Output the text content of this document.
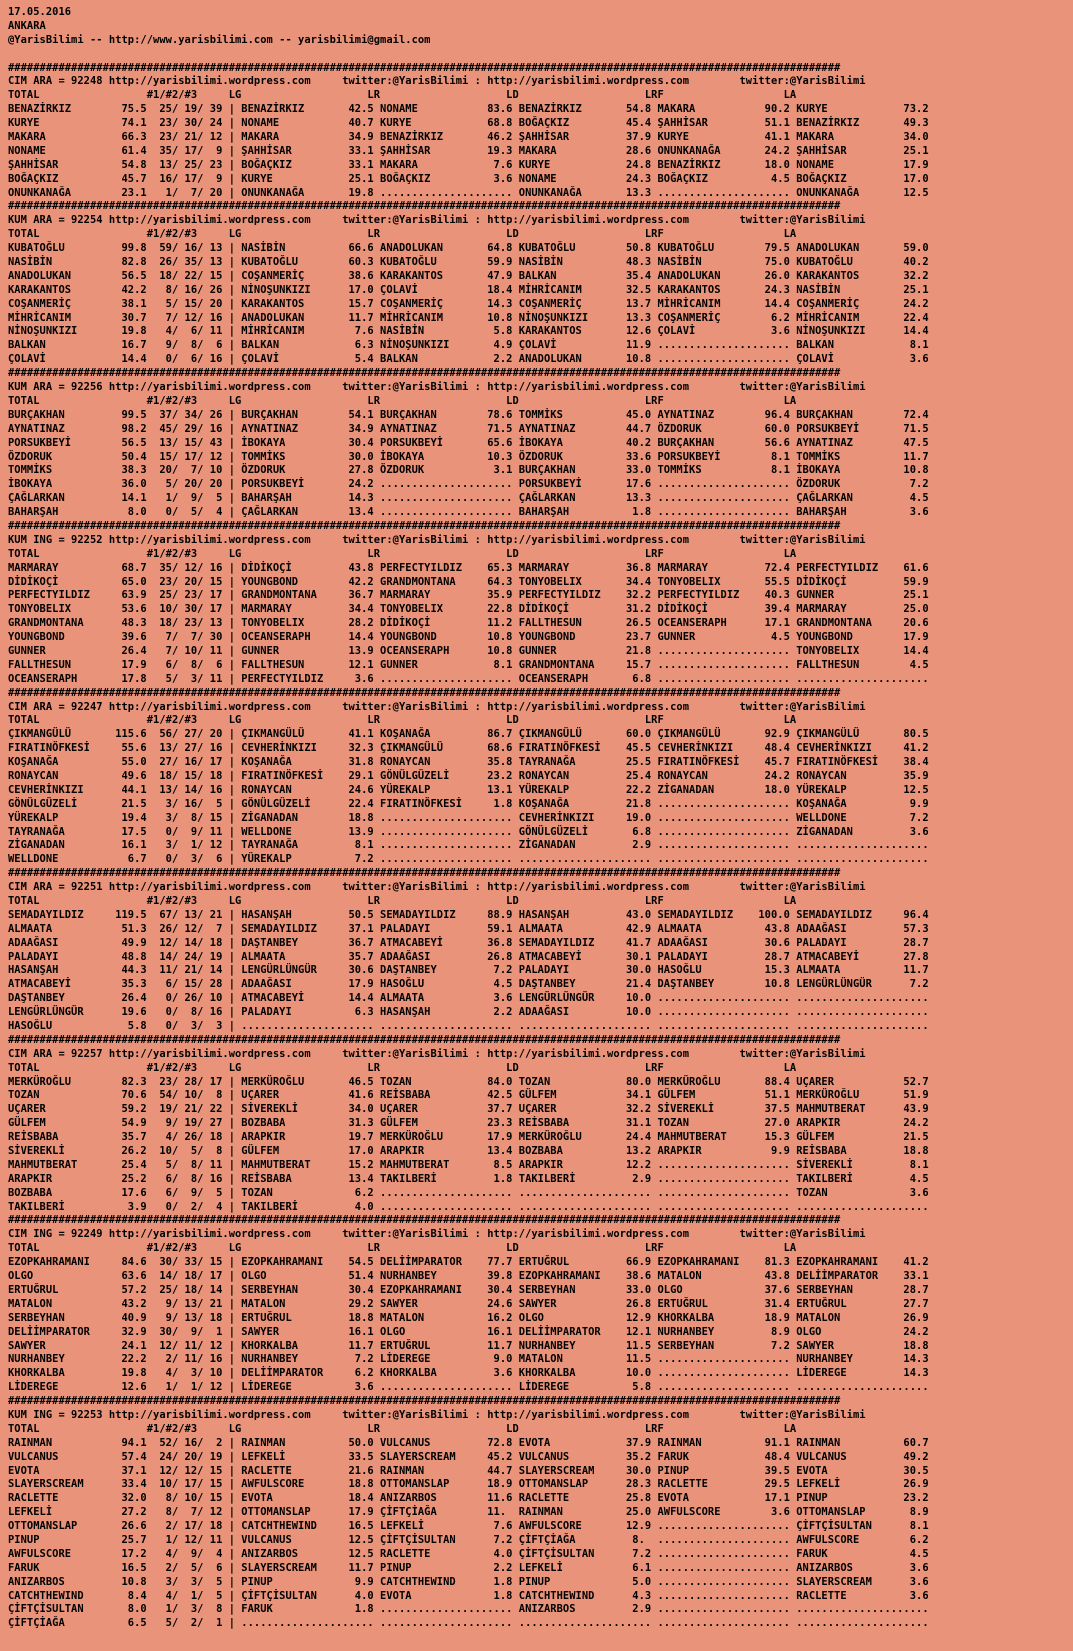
17.05.2016
ANKARA
@YarisBilimi -- http://www.yarisbilimi.com -- yarisbilimi@gmail.com
####################################################################################################################################
CIM ARA = 92248 http://yarisbilimi.wordpress.com     twitter:@YarisBilimi : http://yarisbilimi.wordpress.com        twitter:@YarisBilimi
TOTAL                 #1/#2/#3     LG                    LR                    LD                    LRF                   LA
BENAZİRKIZ        75.5  25/ 19/ 39 | BENAZİRKIZ       42.5 NONAME           83.6 BENAZİRKIZ       54.8 MAKARA           90.2 KURYE            73.2
KURYE             74.1  23/ 30/ 24 | NONAME           40.7 KURYE            68.8 BOĞAÇKIZ         45.4 ŞAHHİSAR         51.1 BENAZİRKIZ       49.3
MAKARA            66.3  23/ 21/ 12 | MAKARA           34.9 BENAZİRKIZ       46.2 ŞAHHİSAR         37.9 KURYE            41.1 MAKARA           34.0
NONAME            61.4  35/ 17/  9 | ŞAHHİSAR         33.1 ŞAHHİSAR         19.3 MAKARA           28.6 ONUNKANAĞA       24.2 ŞAHHİSAR         25.1
ŞAHHİSAR          54.8  13/ 25/ 23 | BOĞAÇKIZ         33.1 MAKARA            7.6 KURYE            24.8 BENAZİRKIZ       18.0 NONAME           17.9
BOĞAÇKIZ          45.7  16/ 17/  9 | KURYE            25.1 BOĞAÇKIZ          3.6 NONAME           24.3 BOĞAÇKIZ          4.5 BOĞAÇKIZ         17.0
ONUNKANAĞA        23.1   1/  7/ 20 | ONUNKANAĞA       19.8 ..................... ONUNKANAĞA       13.3 ..................... ONUNKANAĞA       12.5
####################################################################################################################################
KUM ARA = 92254 http://yarisbilimi.wordpress.com     twitter:@YarisBilimi : http://yarisbilimi.wordpress.com        twitter:@YarisBilimi
TOTAL                 #1/#2/#3     LG                    LR                    LD                    LRF                   LA
KUBATOĞLU         99.8  59/ 16/ 13 | NASİBİN          66.6 ANADOLUKAN       64.8 KUBATOĞLU        50.8 KUBATOĞLU        79.5 ANADOLUKAN       59.0
NASİBİN           82.8  26/ 35/ 13 | KUBATOĞLU        60.3 KUBATOĞLU        59.9 NASİBİN          48.3 NASİBİN          75.0 KUBATOĞLU        40.2
ANADOLUKAN        56.5  18/ 22/ 15 | COŞANMERİÇ       38.6 KARAKANTOS       47.9 BALKAN           35.4 ANADOLUKAN       26.0 KARAKANTOS       32.2
KARAKANTOS        42.2   8/ 16/ 26 | NİNOŞUNKIZI      17.0 ÇOLAVİ           18.4 MİHRİCANIM       32.5 KARAKANTOS       24.3 NASİBİN          25.1
COŞANMERİÇ        38.1   5/ 15/ 20 | KARAKANTOS       15.7 COŞANMERİÇ       14.3 COŞANMERİÇ       13.7 MİHRİCANIM       14.4 COŞANMERİÇ       24.2
MİHRİCANIM        30.7   7/ 12/ 16 | ANADOLUKAN       11.7 MİHRİCANIM       10.8 NİNOŞUNKIZI      13.3 COŞANMERİÇ        6.2 MİHRİCANIM       22.4
NİNOŞUNKIZI       19.8   4/  6/ 11 | MİHRİCANIM        7.6 NASİBİN           5.8 KARAKANTOS       12.6 ÇOLAVİ            3.6 NİNOŞUNKIZI      14.4
BALKAN            16.7   9/  8/  6 | BALKAN            6.3 NİNOŞUNKIZI       4.9 ÇOLAVİ           11.9 ..................... BALKAN            8.1
ÇOLAVİ            14.4   0/  6/ 16 | ÇOLAVİ            5.4 BALKAN            2.2 ANADOLUKAN       10.8 ..................... ÇOLAVİ            3.6
####################################################################################################################################
KUM ARA = 92256 http://yarisbilimi.wordpress.com     twitter:@YarisBilimi : http://yarisbilimi.wordpress.com        twitter:@YarisBilimi
TOTAL                 #1/#2/#3     LG                    LR                    LD                    LRF                   LA
BURÇAKHAN         99.5  37/ 34/ 26 | BURÇAKHAN        54.1 BURÇAKHAN        78.6 TOMMİKS          45.0 AYNATINAZ        96.4 BURÇAKHAN        72.4
AYNATINAZ         98.2  45/ 29/ 16 | AYNATINAZ        34.9 AYNATINAZ        71.5 AYNATINAZ        44.7 ÖZDORUK          60.0 PORSUKBEYİ       71.5
PORSUKBEYİ        56.5  13/ 15/ 43 | İBOKAYA          30.4 PORSUKBEYİ       65.6 İBOKAYA          40.2 BURÇAKHAN        56.6 AYNATINAZ        47.5
ÖZDORUK           50.4  15/ 17/ 12 | TOMMİKS          30.0 İBOKAYA          10.3 ÖZDORUK          33.6 PORSUKBEYİ        8.1 TOMMİKS          11.7
TOMMİKS           38.3  20/  7/ 10 | ÖZDORUK          27.8 ÖZDORUK           3.1 BURÇAKHAN        33.0 TOMMİKS           8.1 İBOKAYA          10.8
İBOKAYA           36.0   5/ 20/ 20 | PORSUKBEYİ       24.2 ..................... PORSUKBEYİ       17.6 ..................... ÖZDORUK           7.2
ÇAĞLARKAN         14.1   1/  9/  5 | BAHARŞAH         14.3 ..................... ÇAĞLARKAN        13.3 ..................... ÇAĞLARKAN         4.5
BAHARŞAH           8.0   0/  5/  4 | ÇAĞLARKAN        13.4 ..................... BAHARŞAH          1.8 ..................... BAHARŞAH          3.6
####################################################################################################################################
KUM ING = 92252 http://yarisbilimi.wordpress.com     twitter:@YarisBilimi : http://yarisbilimi.wordpress.com        twitter:@YarisBilimi
TOTAL                 #1/#2/#3     LG                    LR                    LD                    LRF                   LA
MARMARAY          68.7  35/ 12/ 16 | DİDİKOÇİ         43.8 PERFECTYILDIZ    65.3 MARMARAY         36.8 MARMARAY         72.4 PERFECTYILDIZ    61.6
DİDİKOÇİ          65.0  23/ 20/ 15 | YOUNGBOND        42.2 GRANDMONTANA     64.3 TONYOBELIX       34.4 TONYOBELIX       55.5 DİDİKOÇİ         59.9
PERFECTYILDIZ     63.9  25/ 23/ 17 | GRANDMONTANA     36.7 MARMARAY         35.9 PERFECTYILDIZ    32.2 PERFECTYILDIZ    40.3 GUNNER           25.1
TONYOBELIX        53.6  10/ 30/ 17 | MARMARAY         34.4 TONYOBELIX       22.8 DİDİKOÇİ         31.2 DİDİKOÇİ         39.4 MARMARAY         25.0
GRANDMONTANA      48.3  18/ 23/ 13 | TONYOBELIX       28.2 DİDİKOÇİ         11.2 FALLTHESUN       26.5 OCEANSERAPH      17.1 GRANDMONTANA     20.6
YOUNGBOND         39.6   7/  7/ 30 | OCEANSERAPH      14.4 YOUNGBOND        10.8 YOUNGBOND        23.7 GUNNER            4.5 YOUNGBOND        17.9
GUNNER            26.4   7/ 10/ 11 | GUNNER           13.9 OCEANSERAPH      10.8 GUNNER           21.8 ..................... TONYOBELIX       14.4
FALLTHESUN        17.9   6/  8/  6 | FALLTHESUN       12.1 GUNNER            8.1 GRANDMONTANA     15.7 ..................... FALLTHESUN        4.5
OCEANSERAPH       17.8   5/  3/ 11 | PERFECTYILDIZ     3.6 ..................... OCEANSERAPH       6.8 ..................... .....................
####################################################################################################################################
CIM ARA = 92247 http://yarisbilimi.wordpress.com     twitter:@YarisBilimi : http://yarisbilimi.wordpress.com        twitter:@YarisBilimi
TOTAL                 #1/#2/#3     LG                    LR                    LD                    LRF                   LA
ÇIKMANGÜLÜ       115.6  56/ 27/ 20 | ÇIKMANGÜLÜ       41.1 KOŞANAĞA         86.7 ÇIKMANGÜLÜ       60.0 ÇIKMANGÜLÜ       92.9 ÇIKMANGÜLÜ       80.5
FIRATINÖFKESİ     55.6  13/ 27/ 16 | CEVHERİNKIZI     32.3 ÇIKMANGÜLÜ       68.6 FIRATINÖFKESİ    45.5 CEVHERİNKIZI     48.4 CEVHERİNKIZI     41.2
KOŞANAĞA          55.0  27/ 16/ 17 | KOŞANAĞA         31.8 RONAYCAN         35.8 TAYRANAĞA        25.5 FIRATINÖFKESİ    45.7 FIRATINÖFKESİ    38.4
RONAYCAN          49.6  18/ 15/ 18 | FIRATINÖFKESİ    29.1 GÖNÜLGÜZELİ      23.2 RONAYCAN         25.4 RONAYCAN         24.2 RONAYCAN         35.9
CEVHERİNKIZI      44.1  13/ 14/ 16 | RONAYCAN         24.6 YÜREKALP         13.1 YÜREKALP         22.2 ZİGANADAN        18.0 YÜREKALP         12.5
GÖNÜLGÜZELİ       21.5   3/ 16/  5 | GÖNÜLGÜZELİ      22.4 FIRATINÖFKESİ     1.8 KOŞANAĞA         21.8 ..................... KOŞANAĞA          9.9
YÜREKALP          19.4   3/  8/ 15 | ZİGANADAN        18.8 ..................... CEVHERİNKIZI     19.0 ..................... WELLDONE          7.2
TAYRANAĞA         17.5   0/  9/ 11 | WELLDONE         13.9 ..................... GÖNÜLGÜZELİ       6.8 ..................... ZİGANADAN         3.6
ZİGANADAN         16.1   3/  1/ 12 | TAYRANAĞA         8.1 ..................... ZİGANADAN         2.9 ..................... .....................
WELLDONE           6.7   0/  3/  6 | YÜREKALP          7.2 ..................... ..................... ..................... .....................
####################################################################################################################################
CIM ARA = 92251 http://yarisbilimi.wordpress.com     twitter:@YarisBilimi : http://yarisbilimi.wordpress.com        twitter:@YarisBilimi
TOTAL                 #1/#2/#3     LG                    LR                    LD                    LRF                   LA
SEMADAYILDIZ     119.5  67/ 13/ 21 | HASANŞAH         50.5 SEMADAYILDIZ     88.9 HASANŞAH         43.0 SEMADAYILDIZ    100.0 SEMADAYILDIZ     96.4
ALMAATA           51.3  26/ 12/  7 | SEMADAYILDIZ     37.1 PALADAYI         59.1 ALMAATA          42.9 ALMAATA          43.8 ADAAĞASI         57.3
ADAAĞASI          49.9  12/ 14/ 18 | DAŞTANBEY        36.7 ATMACABEYİ       36.8 SEMADAYILDIZ     41.7 ADAAĞASI         30.6 PALADAYI         28.7
PALADAYI          48.8  14/ 24/ 19 | ALMAATA          35.7 ADAAĞASI         26.8 ATMACABEYİ       30.1 PALADAYI         28.7 ATMACABEYİ       27.8
HASANŞAH          44.3  11/ 21/ 14 | LENGÜRLÜNGÜR     30.6 DAŞTANBEY         7.2 PALADAYI         30.0 HASOĞLU          15.3 ALMAATA          11.7
ATMACABEYİ        35.3   6/ 15/ 28 | ADAAĞASI         17.9 HASOĞLU           4.5 DAŞTANBEY        21.4 DAŞTANBEY        10.8 LENGÜRLÜNGÜR      7.2
DAŞTANBEY         26.4   0/ 26/ 10 | ATMACABEYİ       14.4 ALMAATA           3.6 LENGÜRLÜNGÜR     10.0 ..................... .....................
LENGÜRLÜNGÜR      19.6   0/  8/ 16 | PALADAYI          6.3 HASANŞAH          2.2 ADAAĞASI         10.0 ..................... .....................
HASOĞLU            5.8   0/  3/  3 | ..................... ..................... ..................... ..................... .....................
####################################################################################################################################
CIM ARA = 92257 http://yarisbilimi.wordpress.com     twitter:@YarisBilimi : http://yarisbilimi.wordpress.com        twitter:@YarisBilimi
TOTAL                 #1/#2/#3     LG                    LR                    LD                    LRF                   LA
MERKÜROĞLU        82.3  23/ 28/ 17 | MERKÜROĞLU       46.5 TOZAN            84.0 TOZAN            80.0 MERKÜROĞLU       88.4 UÇARER           52.7
TOZAN             70.6  54/ 10/  8 | UÇARER           41.6 REİSBABA         42.5 GÜLFEM           34.1 GÜLFEM           51.1 MERKÜROĞLU       51.9
UÇARER            59.2  19/ 21/ 22 | SİVEREKLİ        34.0 UÇARER           37.7 UÇARER           32.2 SİVEREKLİ        37.5 MAHMUTBERAT      43.9
GÜLFEM            54.9   9/ 19/ 27 | BOZBABA          31.3 GÜLFEM           23.3 REİSBABA         31.1 TOZAN            27.0 ARAPKIR          24.2
REİSBABA          35.7   4/ 26/ 18 | ARAPKIR          19.7 MERKÜROĞLU       17.9 MERKÜROĞLU       24.4 MAHMUTBERAT      15.3 GÜLFEM           21.5
SİVEREKLİ         26.2  10/  5/  8 | GÜLFEM           17.0 ARAPKIR          13.4 BOZBABA          13.2 ARAPKIR           9.9 REİSBABA         18.8
MAHMUTBERAT       25.4   5/  8/ 11 | MAHMUTBERAT      15.2 MAHMUTBERAT       8.5 ARAPKIR          12.2 ..................... SİVEREKLİ         8.1
ARAPKIR           25.2   6/  8/ 16 | REİSBABA         13.4 TAKILBERİ         1.8 TAKILBERİ         2.9 ..................... TAKILBERİ         4.5
BOZBABA           17.6   6/  9/  5 | TOZAN             6.2 ..................... ..................... ..................... TOZAN             3.6
TAKILBERİ          3.9   0/  2/  4 | TAKILBERİ         4.0 ..................... ..................... ..................... .....................
####################################################################################################################################
CIM ING = 92249 http://yarisbilimi.wordpress.com     twitter:@YarisBilimi : http://yarisbilimi.wordpress.com        twitter:@YarisBilimi
TOTAL                 #1/#2/#3     LG                    LR                    LD                    LRF                   LA
EZOPKAHRAMANI     84.6  30/ 33/ 15 | EZOPKAHRAMANI    54.5 DELİİMPARATOR    77.7 ERTUĞRUL         66.9 EZOPKAHRAMANI    81.3 EZOPKAHRAMANI    41.2
OLGO              63.6  14/ 18/ 17 | OLGO             51.4 NURHANBEY        39.8 EZOPKAHRAMANI    38.6 MATALON          43.8 DELİİMPARATOR    33.1
ERTUĞRUL          57.2  25/ 18/ 14 | SERBEYHAN        30.4 EZOPKAHRAMANI    30.4 SERBEYHAN        33.0 OLGO             37.6 SERBEYHAN        28.7
MATALON           43.2   9/ 13/ 21 | MATALON          29.2 SAWYER           24.6 SAWYER           26.8 ERTUĞRUL         31.4 ERTUĞRUL         27.7
SERBEYHAN         40.9   9/ 13/ 18 | ERTUĞRUL         18.8 MATALON          16.2 OLGO             12.9 KHORKALBA        18.9 MATALON          26.9
DELİİMPARATOR     32.9  30/  9/  1 | SAWYER           16.1 OLGO             16.1 DELİİMPARATOR    12.1 NURHANBEY         8.9 OLGO             24.2
SAWYER            24.1  12/ 11/ 12 | KHORKALBA        11.7 ERTUĞRUL         11.7 NURHANBEY        11.5 SERBEYHAN         7.2 SAWYER           18.8
NURHANBEY         22.2   2/ 11/ 16 | NURHANBEY         7.2 LİDEREGE          9.0 MATALON          11.5 ..................... NURHANBEY        14.3
KHORKALBA         19.8   4/  3/ 10 | DELİİMPARATOR     6.2 KHORKALBA         3.6 KHORKALBA        10.0 ..................... LİDEREGE         14.3
LİDEREGE          12.6   1/  1/ 12 | LİDEREGE          3.6 ..................... LİDEREGE          5.8 ..................... .....................
####################################################################################################################################
KUM ING = 92253 http://yarisbilimi.wordpress.com     twitter:@YarisBilimi : http://yarisbilimi.wordpress.com        twitter:@YarisBilimi
TOTAL                 #1/#2/#3     LG                    LR                    LD                    LRF                   LA
RAINMAN           94.1  52/ 16/  2 | RAINMAN          50.0 VULCANUS         72.8 EVOTA            37.9 RAINMAN          91.1 RAINMAN          60.7
VULCANUS          57.4  24/ 20/ 19 | LEFKELİ          33.5 SLAYERSCREAM     45.2 VULCANUS         35.2 FARUK            48.4 VULCANUS         49.2
EVOTA             37.1  12/ 12/ 15 | RACLETTE         21.6 RAINMAN          44.7 SLAYERSCREAM     30.0 PINUP            39.5 EVOTA            30.5
SLAYERSCREAM      33.4  10/ 17/ 15 | AWFULSCORE       18.8 OTTOMANSLAP      18.9 OTTOMANSLAP      28.3 RACLETTE         29.5 LEFKELİ          26.9
RACLETTE          32.0   8/ 10/ 15 | EVOTA            18.4 ANIZARBOS        11.6 RACLETTE         25.8 EVOTA            17.1 PINUP            23.2
LEFKELİ           27.2   8/  7/ 12 | OTTOMANSLAP      17.9 ÇİFTÇİAĞA        11.  RAINMAN          25.0 AWFULSCORE        3.6 OTTOMANSLAP       8.9
OTTOMANSLAP       26.6   2/ 17/ 18 | CATCHTHEWIND     16.5 LEFKELİ           7.6 AWFULSCORE       12.9 ..................... ÇİFTÇİSULTAN      8.1
PINUP             25.7   1/ 12/ 11 | VULCANUS         12.5 ÇİFTÇİSULTAN      7.2 ÇİFTÇİAĞA         8.  ..................... AWFULSCORE        6.2
AWFULSCORE        17.2   4/  9/  4 | ANIZARBOS        12.5 RACLETTE          4.0 ÇİFTÇİSULTAN      7.2 ..................... FARUK             4.5
FARUK             16.5   2/  5/  6 | SLAYERSCREAM     11.7 PINUP             2.2 LEFKELİ           6.1 ..................... ANIZARBOS         3.6
ANIZARBOS         10.8   3/  3/  5 | PINUP             9.9 CATCHTHEWIND      1.8 PINUP             5.0 ..................... SLAYERSCREAM      3.6
CATCHTHEWIND       8.4   4/  1/  5 | ÇİFTÇİSULTAN      4.0 EVOTA             1.8 CATCHTHEWIND      4.3 ..................... RACLETTE          3.6
ÇİFTÇİSULTAN       8.0   1/  3/  8 | FARUK             1.8 ..................... ANIZARBOS         2.9 ..................... .....................
ÇİFTÇİAĞA          6.5   5/  2/  1 | ..................... ..................... ..................... ..................... .....................
